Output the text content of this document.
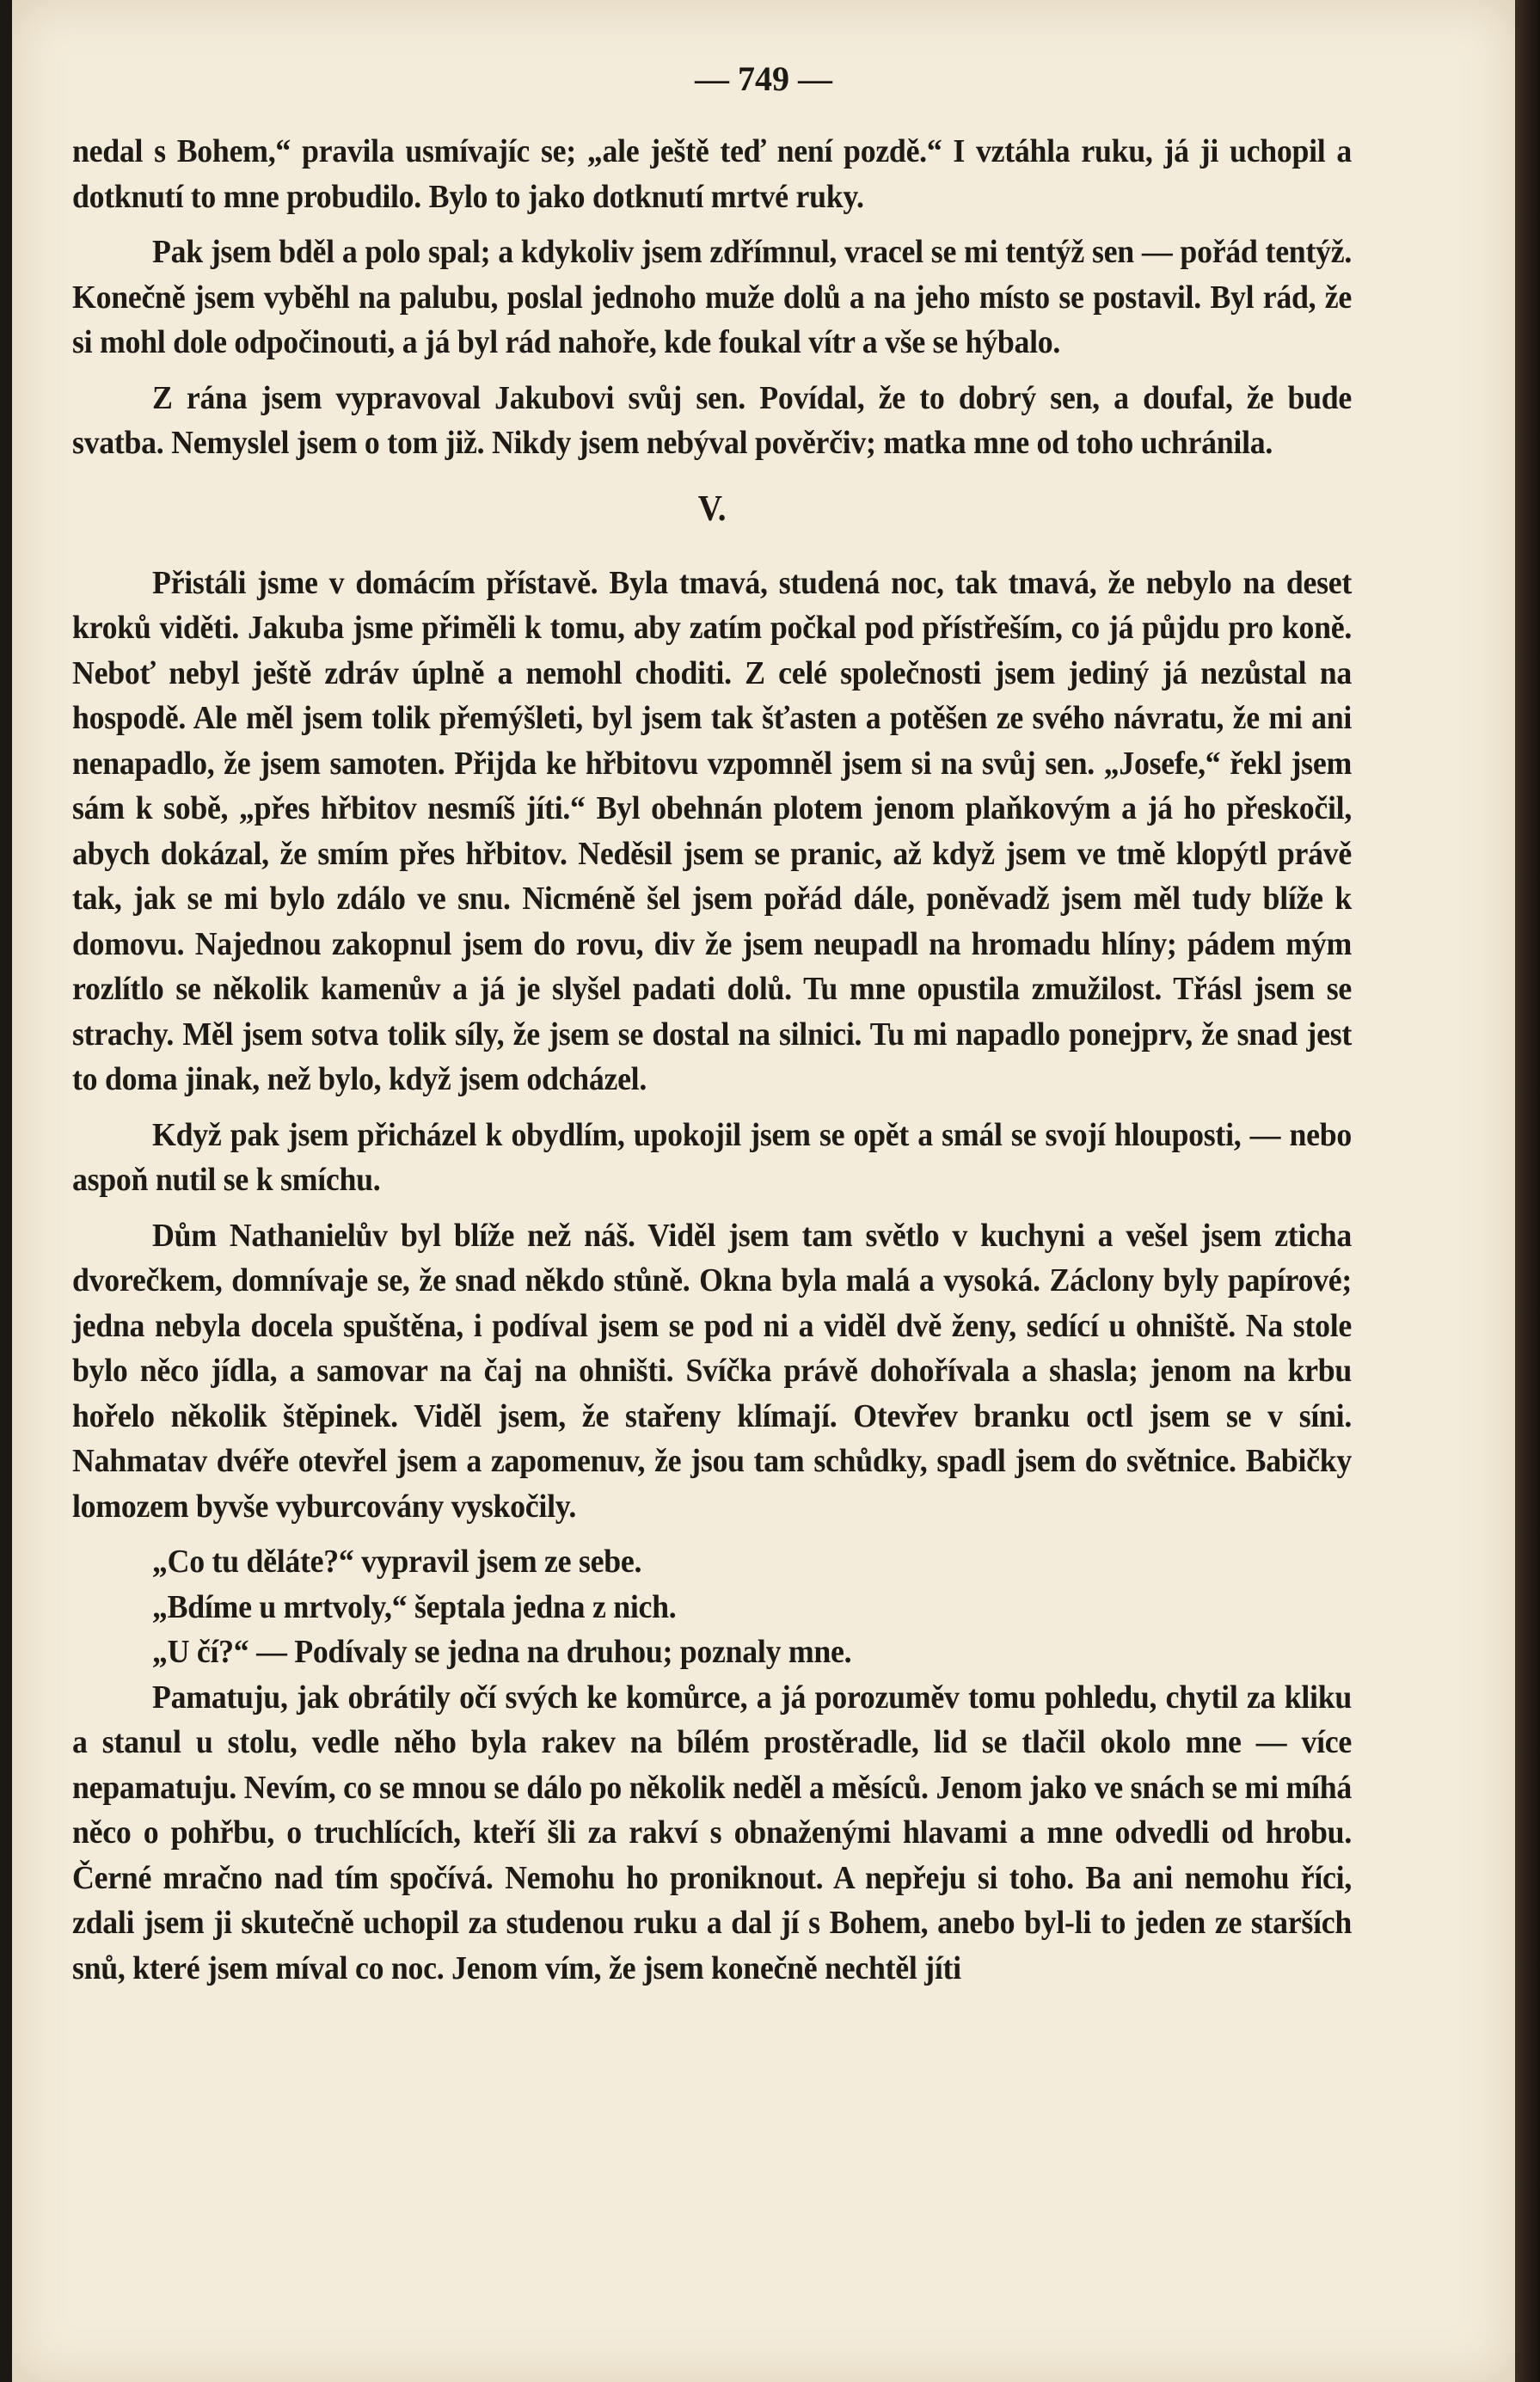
— 749 —

nedal s Bohem,“ pravila usmívajíc se; „ale ještě teď není pozdě.“ I vztáhla ruku, já ji uchopil a dotknutí to mne probudilo. Bylo to jako dotknutí mrtvé ruky.

Pak jsem bděl a polo spal; a kdykoliv jsem zdřímnul, vracel se mi tentýž sen — pořád tentýž. Konečně jsem vyběhl na palubu, poslal jednoho muže dolů a na jeho místo se postavil. Byl rád, že si mohl dole odpočinouti, a já byl rád nahoře, kde foukal vítr a vše se hýbalo.

Z rána jsem vypravoval Jakubovi svůj sen. Povídal, že to dobrý sen, a doufal, že bude svatba. Nemyslel jsem o tom již. Nikdy jsem nebýval pověrčiv; matka mne od toho uchránila.

V.

Přistáli jsme v domácím přístavě. Byla tmavá, studená noc, tak tmavá, že nebylo na deset kroků viděti. Jakuba jsme přiměli k tomu, aby zatím počkal pod přístřeším, co já půjdu pro koně. Neboť nebyl ještě zdráv úplně a nemohl choditi. Z celé společnosti jsem jediný já nezůstal na hospodě. Ale měl jsem tolik přemýšleti, byl jsem tak šťasten a potěšen ze svého návratu, že mi ani nenapadlo, že jsem samoten. Přijda ke hřbitovu vzpomněl jsem si na svůj sen. „Josefe,“ řekl jsem sám k sobě, „přes hřbitov nesmíš jíti.“ Byl obehnán plotem jenom plaňkovým a já ho přeskočil, abych dokázal, že smím přes hřbitov. Neděsil jsem se pranic, až když jsem ve tmě klopýtl právě tak, jak se mi bylo zdálo ve snu. Nicméně šel jsem pořád dále, poněvadž jsem měl tudy blíže k domovu. Najednou zakopnul jsem do rovu, div že jsem neupadl na hromadu hlíny; pádem mým rozlítlo se několik kamenův a já je slyšel padati dolů. Tu mne opustila zmužilost. Třásl jsem se strachy. Měl jsem sotva tolik síly, že jsem se dostal na silnici. Tu mi napadlo ponejprv, že snad jest to doma jinak, než bylo, když jsem odcházel.

Když pak jsem přicházel k obydlím, upokojil jsem se opět a smál se svojí hlouposti, — nebo aspoň nutil se k smíchu.

Dům Nathanielův byl blíže než náš. Viděl jsem tam světlo v kuchyni a vešel jsem zticha dvorečkem, domnívaje se, že snad někdo stůně. Okna byla malá a vysoká. Záclony byly papírové; jedna nebyla docela spuštěna, i podíval jsem se pod ni a viděl dvě ženy, sedící u ohniště. Na stole bylo něco jídla, a samovar na čaj na ohništi. Svíčka právě dohořívala a shasla; jenom na krbu hořelo několik štěpinek. Viděl jsem, že stařeny klímají. Otevřev branku octl jsem se v síni. Nahmatav dvéře otevřel jsem a zapomenuv, že jsou tam schůdky, spadl jsem do světnice. Babičky lomozem byvše vyburcovány vyskočily.

„Co tu děláte?“ vypravil jsem ze sebe.

„Bdíme u mrtvoly,“ šeptala jedna z nich.

„U čí?“ — Podívaly se jedna na druhou; poznaly mne.

Pamatuju, jak obrátily očí svých ke komůrce, a já porozuměv tomu pohledu, chytil za kliku a stanul u stolu, vedle něho byla rakev na bílém prostěradle, lid se tlačil okolo mne — více nepamatuju. Nevím, co se mnou se dálo po několik neděl a měsíců. Jenom jako ve snách se mi míhá něco o pohřbu, o truchlících, kteří šli za rakví s obnaženými hlavami a mne odvedli od hrobu. Černé mračno nad tím spočívá. Nemohu ho proniknout. A nepřeju si toho. Ba ani nemohu říci, zdali jsem ji skutečně uchopil za studenou ruku a dal jí s Bohem, anebo byl-li to jeden ze starších snů, které jsem míval co noc. Jenom vím, že jsem konečně nechtěl jíti
